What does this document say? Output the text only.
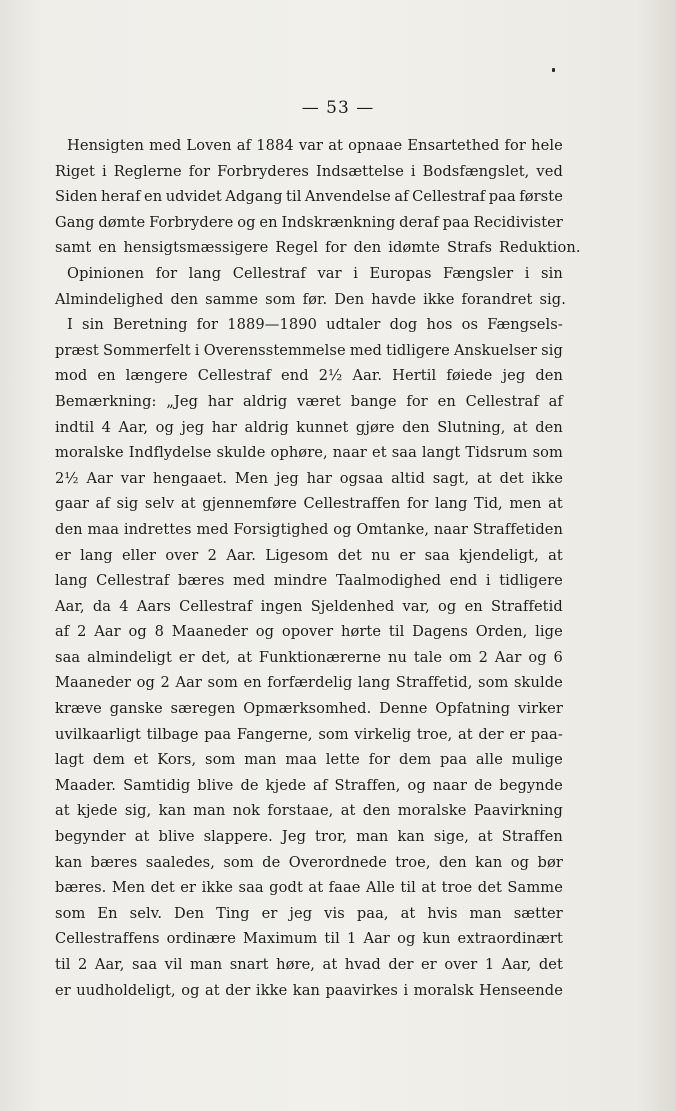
— 53 —
Hensigten med Loven af 1884 var at opnaae Ensartethed for hele
Riget i Reglerne for Forbryderes Indsættelse i Bodsfængslet, ved
Siden heraf en udvidet Adgang til Anvendelse af Cellestraf paa første
Gang dømte Forbrydere og en Indskrænkning deraf paa Recidivister
samt en hensigtsmæssigere Regel for den idømte Strafs Reduktion.
Opinionen for lang Cellestraf var i Europas Fængsler i sin
Almindelighed den samme som før. Den havde ikke forandret sig.
I sin Beretning for 1889—1890 udtaler dog hos os Fængsels-
præst Sommerfelt i Overensstemmelse med tidligere Anskuelser sig
mod en længere Cellestraf end 2½ Aar. Hertil føiede jeg den
Bemærkning: „Jeg har aldrig været bange for en Cellestraf af
indtil 4 Aar, og jeg har aldrig kunnet gjøre den Slutning, at den
moralske Indflydelse skulde ophøre, naar et saa langt Tidsrum som
2½ Aar var hengaaet. Men jeg har ogsaa altid sagt, at det ikke
gaar af sig selv at gjennemføre Cellestraffen for lang Tid, men at
den maa indrettes med Forsigtighed og Omtanke, naar Straffetiden
er lang eller over 2 Aar. Ligesom det nu er saa kjendeligt, at
lang Cellestraf bæres med mindre Taalmodighed end i tidligere
Aar, da 4 Aars Cellestraf ingen Sjeldenhed var, og en Straffetid
af 2 Aar og 8 Maaneder og opover hørte til Dagens Orden, lige
saa almindeligt er det, at Funktionærerne nu tale om 2 Aar og 6
Maaneder og 2 Aar som en forfærdelig lang Straffetid, som skulde
kræve ganske særegen Opmærksomhed. Denne Opfatning virker
uvilkaarligt tilbage paa Fangerne, som virkelig troe, at der er paa-
lagt dem et Kors, som man maa lette for dem paa alle mulige
Maader. Samtidig blive de kjede af Straffen, og naar de begynde
at kjede sig, kan man nok forstaae, at den moralske Paavirkning
begynder at blive slappere. Jeg tror, man kan sige, at Straffen
kan bæres saaledes, som de Overordnede troe, den kan og bør
bæres. Men det er ikke saa godt at faae Alle til at troe det Samme
som En selv. Den Ting er jeg vis paa, at hvis man sætter
Cellestraffens ordinære Maximum til 1 Aar og kun extraordinært
til 2 Aar, saa vil man snart høre, at hvad der er over 1 Aar, det
er uudholdeligt, og at der ikke kan paavirkes i moralsk Henseende
